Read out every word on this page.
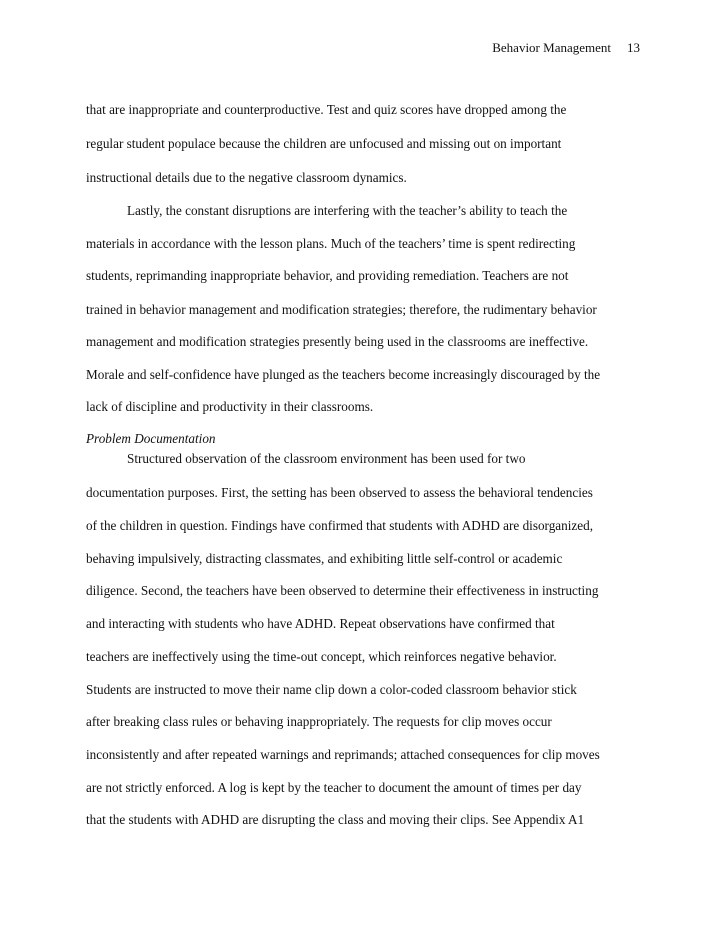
Behavior Management 13
that are inappropriate and counterproductive. Test and quiz scores have dropped among the
regular student populace because the children are unfocused and missing out on important
instructional details due to the negative classroom dynamics.
Lastly, the constant disruptions are interfering with the teacher’s ability to teach the
materials in accordance with the lesson plans. Much of the teachers’ time is spent redirecting
students, reprimanding inappropriate behavior, and providing remediation. Teachers are not
trained in behavior management and modification strategies; therefore, the rudimentary behavior
management and modification strategies presently being used in the classrooms are ineffective.
Morale and self-confidence have plunged as the teachers become increasingly discouraged by the
lack of discipline and productivity in their classrooms.
Problem Documentation
Structured observation of the classroom environment has been used for two
documentation purposes. First, the setting has been observed to assess the behavioral tendencies
of the children in question. Findings have confirmed that students with ADHD are disorganized,
behaving impulsively, distracting classmates, and exhibiting little self-control or academic
diligence. Second, the teachers have been observed to determine their effectiveness in instructing
and interacting with students who have ADHD. Repeat observations have confirmed that
teachers are ineffectively using the time-out concept, which reinforces negative behavior.
Students are instructed to move their name clip down a color-coded classroom behavior stick
after breaking class rules or behaving inappropriately. The requests for clip moves occur
inconsistently and after repeated warnings and reprimands; attached consequences for clip moves
are not strictly enforced. A log is kept by the teacher to document the amount of times per day
that the students with ADHD are disrupting the class and moving their clips. See Appendix A1
